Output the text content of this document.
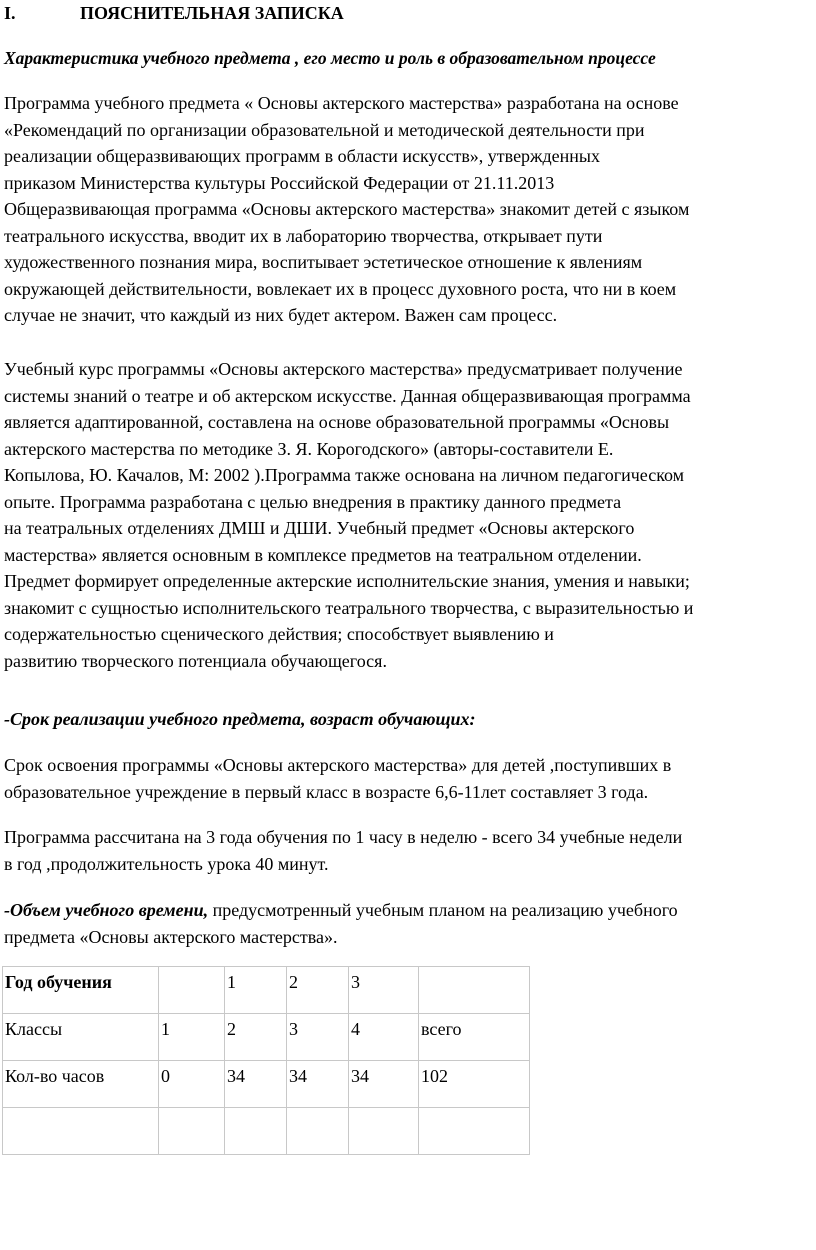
I.	ПОЯСНИТЕЛЬНАЯ ЗАПИСКА
Характеристика учебного предмета , его место и роль в образовательном процессе

Программа учебного предмета « Основы актерского мастерства» разработана на основе
«Рекомендаций по организации образовательной и методической деятельности при
реализации общеразвивающих программ в области искусств», утвержденных
приказом Министерства культуры Российской Федерации от 21.11.2013
Общеразвивающая программа «Основы актерского мастерства» знакомит детей с языком
театрального искусства, вводит их в лабораторию творчества, открывает пути
художественного познания мира, воспитывает эстетическое отношение к явлениям
окружающей действительности, вовлекает их в процесс духовного роста, что ни в коем
случае не значит, что каждый из них будет актером. Важен сам процесс.

Учебный курс программы «Основы актерского мастерства» предусматривает получение
системы знаний о театре и об актерском искусстве. Данная общеразвивающая программа
является адаптированной, составлена на основе образовательной программы «Основы
актерского мастерства по методике З. Я. Корогодского» (авторы-составители Е.
Копылова, Ю. Качалов, М: 2002 ).Программа также основана на личном педагогическом
опыте. Программа разработана с целью внедрения в практику данного предмета
на театральных отделениях ДМШ и ДШИ. Учебный предмет «Основы актерского
мастерства» является основным в комплексе предметов на театральном отделении.
Предмет формирует определенные актерские исполнительские знания, умения и навыки;
знакомит с сущностью исполнительского театрального творчества, с выразительностью и
содержательностью сценического действия; способствует выявлению и
развитию творческого потенциала обучающегося.

-Срок реализации учебного предмета, возраст обучающих:

Срок освоения программы «Основы актерского мастерства» для детей ,поступивших в
образовательное учреждение в первый класс в возрасте 6,6-11лет составляет 3 года.

Программа рассчитана на 3 года обучения по 1 часу в неделю - всего 34 учебные недели
в год ,продолжительность урока 40 минут.

-Объем учебного времени, предусмотренный учебным планом на реализацию учебного
предмета «Основы актерского мастерства».

Год обучения		1	2	3	
Классы	1	2	3	4	всего
Кол-во часов	0	34	34	34	102
